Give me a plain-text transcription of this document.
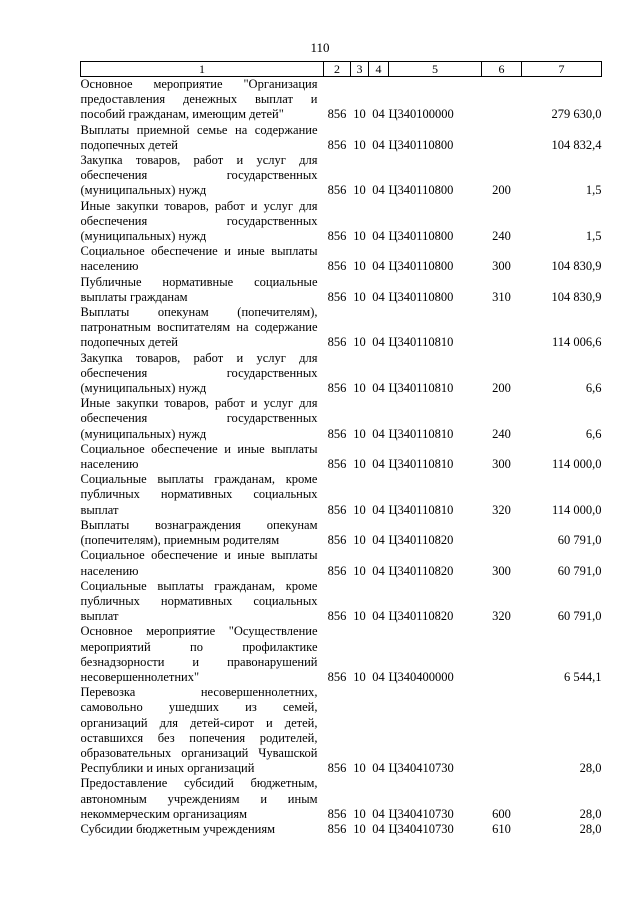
110
1	2	3	4	5	6	7
Основное мероприятие "Организация предоставления денежных выплат и пособий гражданам, имеющим детей"	856	10	04	Ц340100000		279 630,0
Выплаты приемной семье на содержание подопечных детей	856	10	04	Ц340110800		104 832,4
Закупка товаров, работ и услуг для обеспечения государственных (муниципальных) нужд	856	10	04	Ц340110800	200	1,5
Иные закупки товаров, работ и услуг для обеспечения государственных (муниципальных) нужд	856	10	04	Ц340110800	240	1,5
Социальное обеспечение и иные выплаты населению	856	10	04	Ц340110800	300	104 830,9
Публичные нормативные социальные выплаты гражданам	856	10	04	Ц340110800	310	104 830,9
Выплаты опекунам (попечителям), патронатным воспитателям на содержание подопечных детей	856	10	04	Ц340110810		114 006,6
Закупка товаров, работ и услуг для обеспечения государственных (муниципальных) нужд	856	10	04	Ц340110810	200	6,6
Иные закупки товаров, работ и услуг для обеспечения государственных (муниципальных) нужд	856	10	04	Ц340110810	240	6,6
Социальное обеспечение и иные выплаты населению	856	10	04	Ц340110810	300	114 000,0
Социальные выплаты гражданам, кроме публичных нормативных социальных выплат	856	10	04	Ц340110810	320	114 000,0
Выплаты вознаграждения опекунам (попечителям), приемным родителям	856	10	04	Ц340110820		60 791,0
Социальное обеспечение и иные выплаты населению	856	10	04	Ц340110820	300	60 791,0
Социальные выплаты гражданам, кроме публичных нормативных социальных выплат	856	10	04	Ц340110820	320	60 791,0
Основное мероприятие "Осуществление мероприятий по профилактике безнадзорности и правонарушений несовершеннолетних"	856	10	04	Ц340400000		6 544,1
Перевозка несовершеннолетних, самовольно ушедших из семей, организаций для детей-сирот и детей, оставшихся без попечения родителей, образовательных организаций Чувашской Республики и иных организаций	856	10	04	Ц340410730		28,0
Предоставление субсидий бюджетным, автономным учреждениям и иным некоммерческим организациям	856	10	04	Ц340410730	600	28,0
Субсидии бюджетным учреждениям	856	10	04	Ц340410730	610	28,0
